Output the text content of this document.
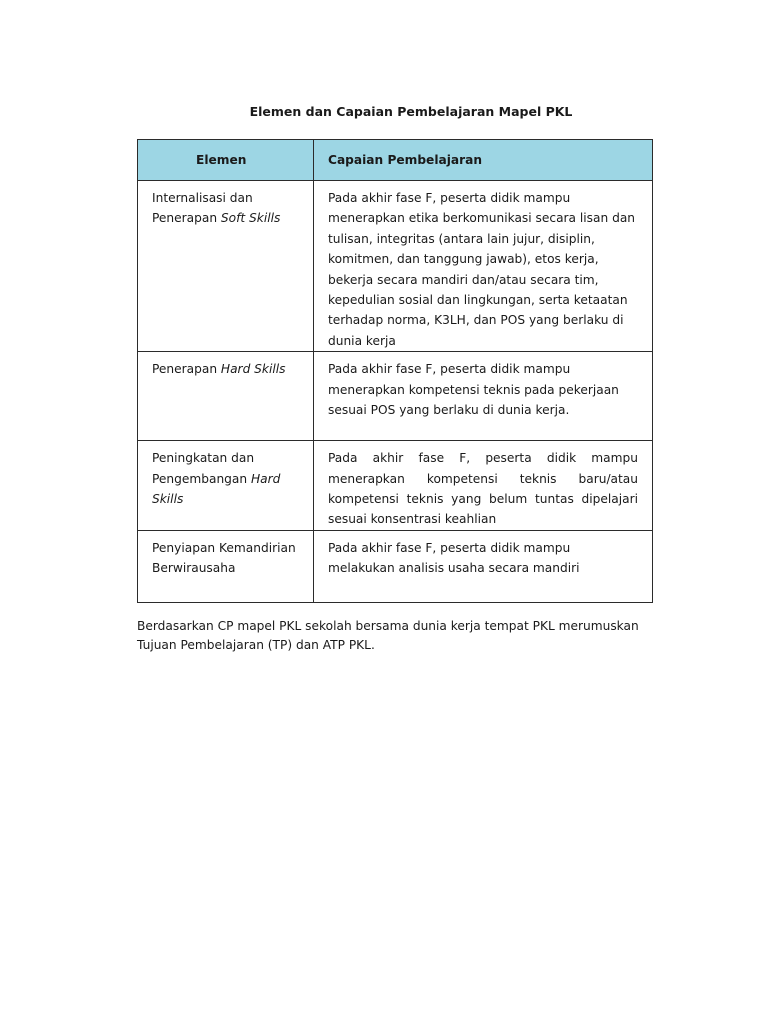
Elemen dan Capaian Pembelajaran Mapel PKL
Elemen	Capaian Pembelajaran
Internalisasi dan Penerapan Soft Skills	Pada akhir fase F, peserta didik mampu menerapkan etika berkomunikasi secara lisan dan tulisan, integritas (antara lain jujur, disiplin, komitmen, dan tanggung jawab), etos kerja, bekerja secara mandiri dan/atau secara tim, kepedulian sosial dan lingkungan, serta ketaatan terhadap norma, K3LH, dan POS yang berlaku di dunia kerja
Penerapan Hard Skills	Pada akhir fase F, peserta didik mampu menerapkan kompetensi teknis pada pekerjaan sesuai POS yang berlaku di dunia kerja.
Peningkatan dan Pengembangan Hard Skills	Pada akhir fase F, peserta didik mampu menerapkan kompetensi teknis baru/atau kompetensi teknis yang belum tuntas dipelajari sesuai konsentrasi keahlian
Penyiapan Kemandirian Berwirausaha	Pada akhir fase F, peserta didik mampu melakukan analisis usaha secara mandiri

Berdasarkan CP mapel PKL sekolah bersama dunia kerja tempat PKL merumuskan Tujuan Pembelajaran (TP) dan ATP PKL.
